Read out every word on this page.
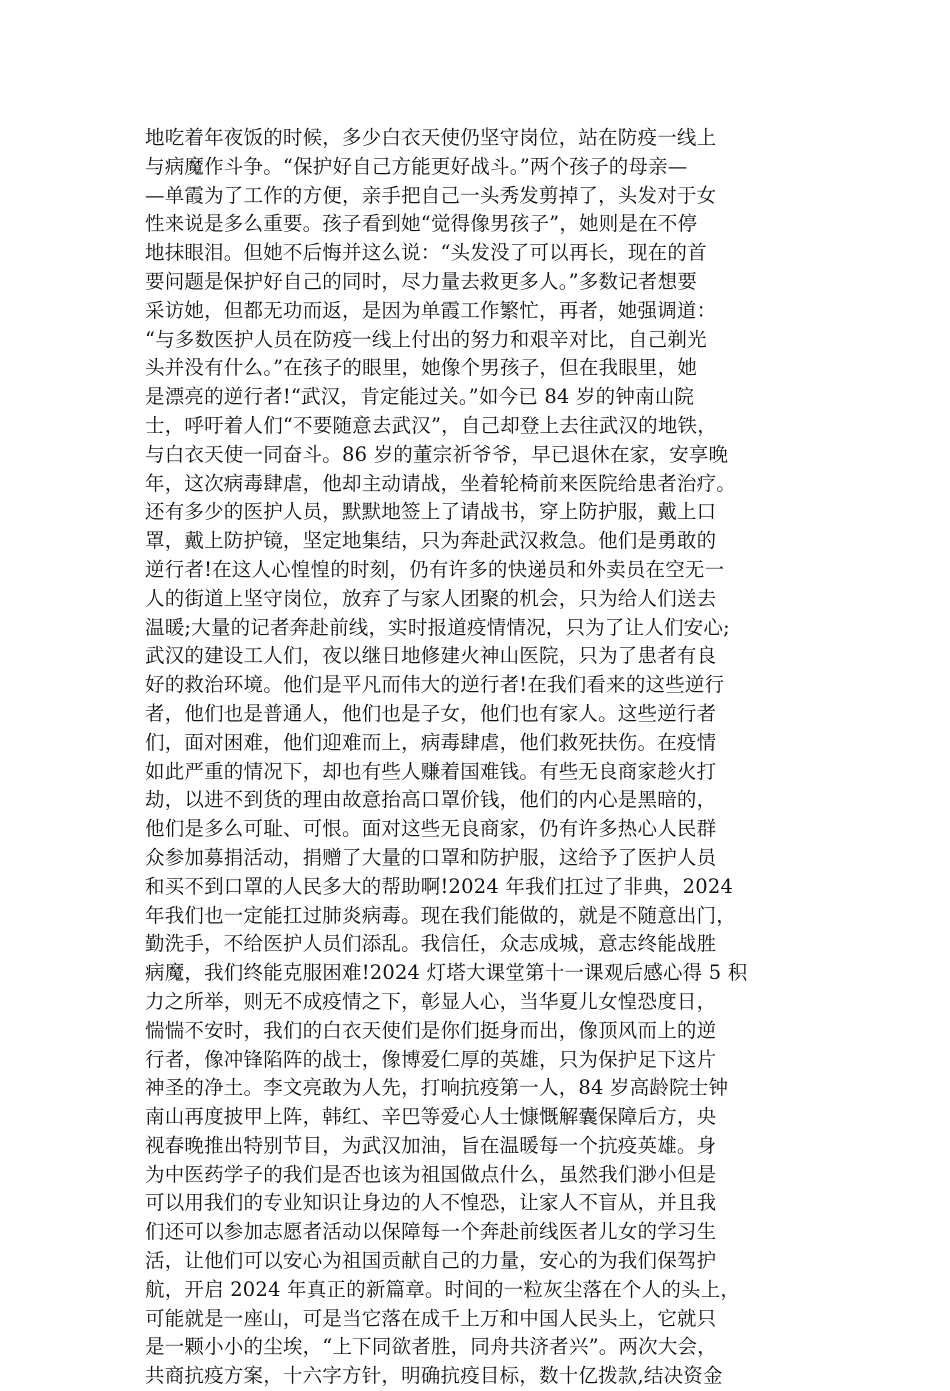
地吃着年夜饭的时候，多少白衣天使仍坚守岗位，站在防疫一线上
与病魔作斗争。“保护好自己方能更好战斗。”两个孩子的母亲—
—单霞为了工作的方便，亲手把自己一头秀发剪掉了，头发对于女
性来说是多么重要。孩子看到她“觉得像男孩子”，她则是在不停
地抹眼泪。但她不后悔并这么说：“头发没了可以再长，现在的首
要问题是保护好自己的同时，尽力量去救更多人。”多数记者想要
采访她，但都无功而返，是因为单霞工作繁忙，再者，她强调道：
“与多数医护人员在防疫一线上付出的努力和艰辛对比，自己剃光
头并没有什么。”在孩子的眼里，她像个男孩子，但在我眼里，她
是漂亮的逆行者!“武汉，肯定能过关。”如今已 84 岁的钟南山院
士，呼吁着人们“不要随意去武汉”，自己却登上去往武汉的地铁，
与白衣天使一同奋斗。86 岁的董宗祈爷爷，早已退休在家，安享晚
年，这次病毒肆虐，他却主动请战，坐着轮椅前来医院给患者治疗。
还有多少的医护人员，默默地签上了请战书，穿上防护服，戴上口
罩，戴上防护镜，坚定地集结，只为奔赴武汉救急。他们是勇敢的
逆行者!在这人心惶惶的时刻，仍有许多的快递员和外卖员在空无一
人的街道上坚守岗位，放弃了与家人团聚的机会，只为给人们送去
温暖;大量的记者奔赴前线，实时报道疫情情况，只为了让人们安心;
武汉的建设工人们，夜以继日地修建火神山医院，只为了患者有良
好的救治环境。他们是平凡而伟大的逆行者!在我们看来的这些逆行
者，他们也是普通人，他们也是子女，他们也有家人。这些逆行者
们，面对困难，他们迎难而上，病毒肆虐，他们救死扶伤。在疫情
如此严重的情况下，却也有些人赚着国难钱。有些无良商家趁火打
劫，以进不到货的理由故意抬高口罩价钱，他们的内心是黑暗的，
他们是多么可耻、可恨。面对这些无良商家，仍有许多热心人民群
众参加募捐活动，捐赠了大量的口罩和防护服，这给予了医护人员
和买不到口罩的人民多大的帮助啊!2024 年我们扛过了非典，2024
年我们也一定能扛过肺炎病毒。现在我们能做的，就是不随意出门，
勤洗手，不给医护人员们添乱。我信任，众志成城，意志终能战胜
病魔，我们终能克服困难!2024 灯塔大课堂第十一课观后感心得 5 积
力之所举，则无不成疫情之下，彰显人心，当华夏儿女惶恐度日，
惴惴不安时，我们的白衣天使们是你们挺身而出，像顶风而上的逆
行者，像冲锋陷阵的战士，像博爱仁厚的英雄，只为保护足下这片
神圣的净土。李文亮敢为人先，打响抗疫第一人，84 岁高龄院士钟
南山再度披甲上阵，韩红、辛巴等爱心人士慷慨解囊保障后方，央
视春晚推出特别节目，为武汉加油，旨在温暖每一个抗疫英雄。身
为中医药学子的我们是否也该为祖国做点什么，虽然我们渺小但是
可以用我们的专业知识让身边的人不惶恐，让家人不盲从，并且我
们还可以参加志愿者活动以保障每一个奔赴前线医者儿女的学习生
活，让他们可以安心为祖国贡献自己的力量，安心的为我们保驾护
航，开启 2024 年真正的新篇章。时间的一粒灰尘落在个人的头上，
可能就是一座山，可是当它落在成千上万和中国人民头上，它就只
是一颗小小的尘埃，“上下同欲者胜，同舟共济者兴”。两次大会，
共商抗疫方案，十六字方针，明确抗疫目标，数十亿拨款,结决资金
